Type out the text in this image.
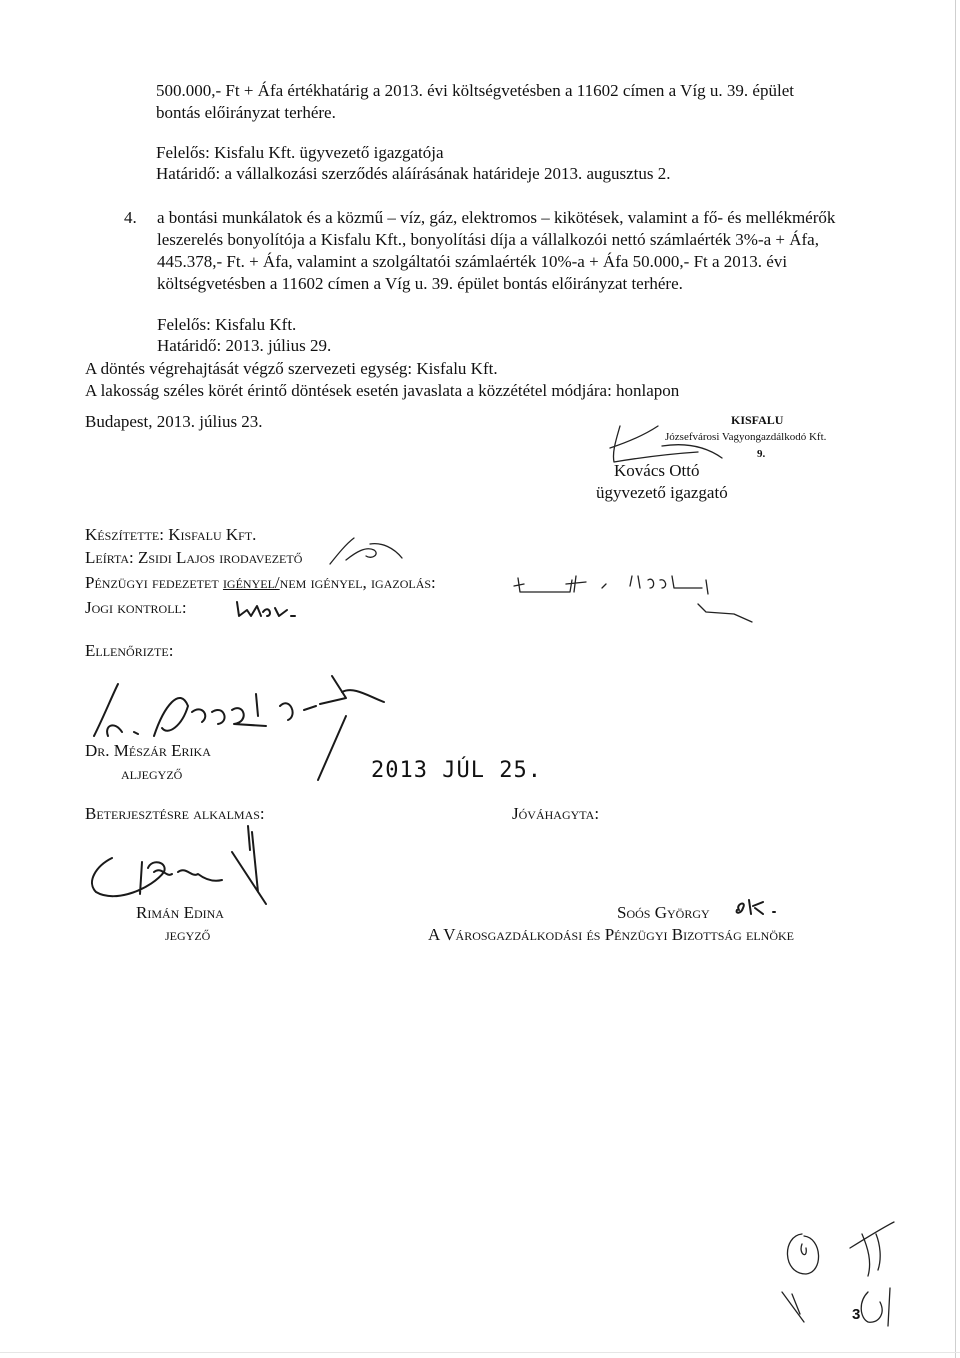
500.000,- Ft + Áfa értékhatárig a 2013. évi költségvetésben a 11602 címen a Víg u. 39. épület
bontás előirányzat terhére.
Felelős: Kisfalu Kft. ügyvezető igazgatója
Határidő: a vállalkozási szerződés aláírásának határideje 2013. augusztus 2.
4. a bontási munkálatok és a közmű – víz, gáz, elektromos – kikötések, valamint a fő- és mellékmérők
leszerelés bonyolítója a Kisfalu Kft., bonyolítási díja a vállalkozói nettó számlaérték 3%-a + Áfa,
445.378,- Ft. + Áfa, valamint a szolgáltatói számlaérték 10%-a + Áfa 50.000,- Ft a 2013. évi
költségvetésben a 11602 címen a Víg u. 39. épület bontás előirányzat terhére.
Felelős: Kisfalu Kft.
Határidő: 2013. július 29.
A döntés végrehajtását végző szervezeti egység: Kisfalu Kft.
A lakosság széles körét érintő döntések esetén javaslata a közzététel módjára: honlapon
Budapest, 2013. július 23.	KISFALU
Józsefvárosi Vagyongazdálkodó Kft.
9.
Kovács Ottó
ügyvezető igazgató
Készítette: Kisfalu Kft.
Leírta: Zsidi Lajos irodavezető
Pénzügyi fedezetet igényel/nem igényel, igazolás:
Jogi kontroll:
Ellenőrizte:
Dr. Mészár Erika
aljegyző	2013 JÚL 25.
Beterjesztésre alkalmas:	Jóváhagyta:
Rimán Edina
jegyző
Soós György
A Városgazdálkodási és Pénzügyi Bizottság elnöke
3
